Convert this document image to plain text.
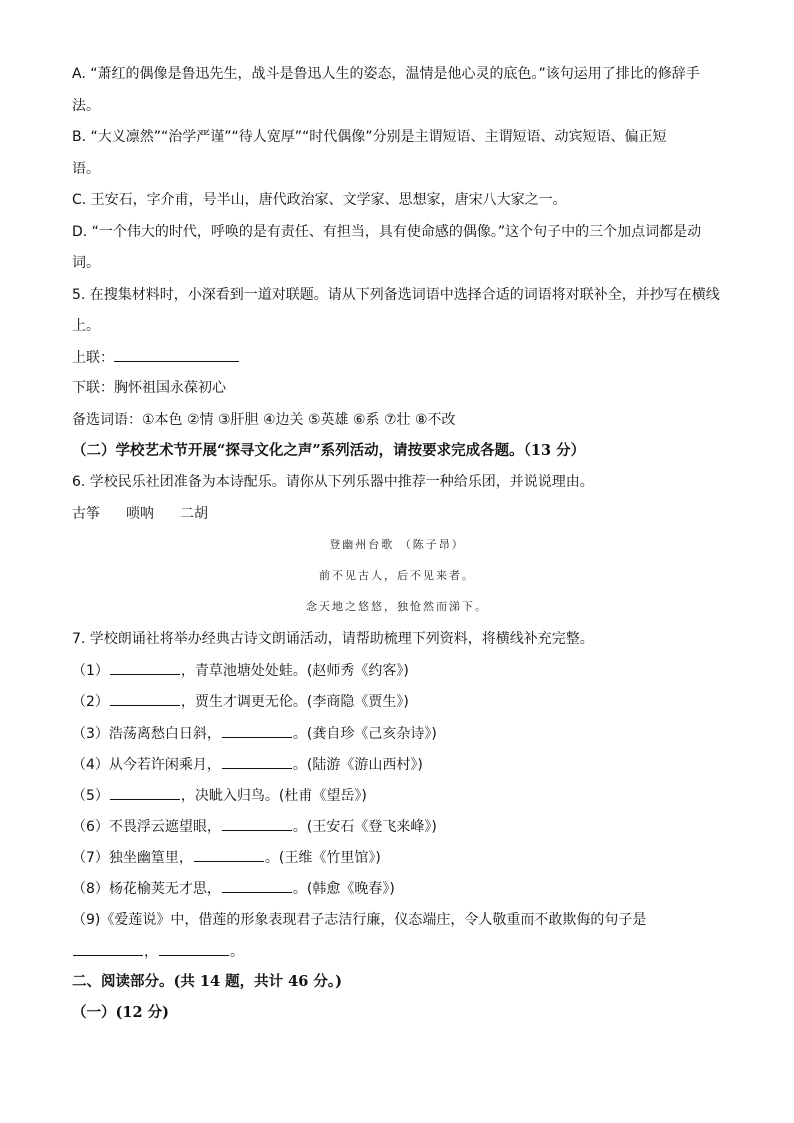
A. “萧红的偶像是鲁迅先生，战斗是鲁迅人生的姿态，温情是他心灵的底色。”该句运用了排比的修辞手
法。
B. “大义凛然”“治学严谨”“待人宽厚”“时代偶像”分别是主谓短语、主谓短语、动宾短语、偏正短
语。
C. 王安石，字介甫，号半山，唐代政治家、文学家、思想家，唐宋八大家之一。
D. “一个伟大的时代，呼唤的是有责任、有担当，具有使命感的偶像。”这个句子中的三个加点词都是动
词。
5. 在搜集材料时，小深看到一道对联题。请从下列备选词语中选择合适的词语将对联补全，并抄写在横线
上。
上联：
下联：胸怀祖国永葆初心
备选词语：①本色 ②情 ③肝胆 ④边关 ⑤英雄 ⑥系 ⑦壮 ⑧不改
（二）学校艺术节开展“探寻文化之声”系列活动，请按要求完成各题。（13 分）
6. 学校民乐社团准备为本诗配乐。请你从下列乐器中推荐一种给乐团，并说说理由。
古筝 唢呐 二胡
登幽州台歌 （陈子昂）
前不见古人，后不见来者。
念天地之悠悠，独怆然而涕下。
7. 学校朗诵社将举办经典古诗文朗诵活动，请帮助梳理下列资料，将横线补充完整。
（1）	，青草池塘处处蛙。(赵师秀《约客》)
（2）	，贾生才调更无伦。(李商隐《贾生》)
（3）浩荡离愁白日斜，	。(龚自珍《己亥杂诗》)
（4）从今若许闲乘月，	。(陆游《游山西村》)
（5）	，决眦入归鸟。(杜甫《望岳》)
（6）不畏浮云遮望眼，	。(王安石《登飞来峰》)
（7）独坐幽篁里，	。(王维《竹里馆》)
（8）杨花榆荚无才思，	。(韩愈《晚春》)
（9)《爱莲说》中，借莲的形象表现君子志洁行廉，仪态端庄，令人敬重而不敢欺侮的句子是
，	。
二、阅读部分。(共 14 题，共计 46 分。)
（一）(12 分)
